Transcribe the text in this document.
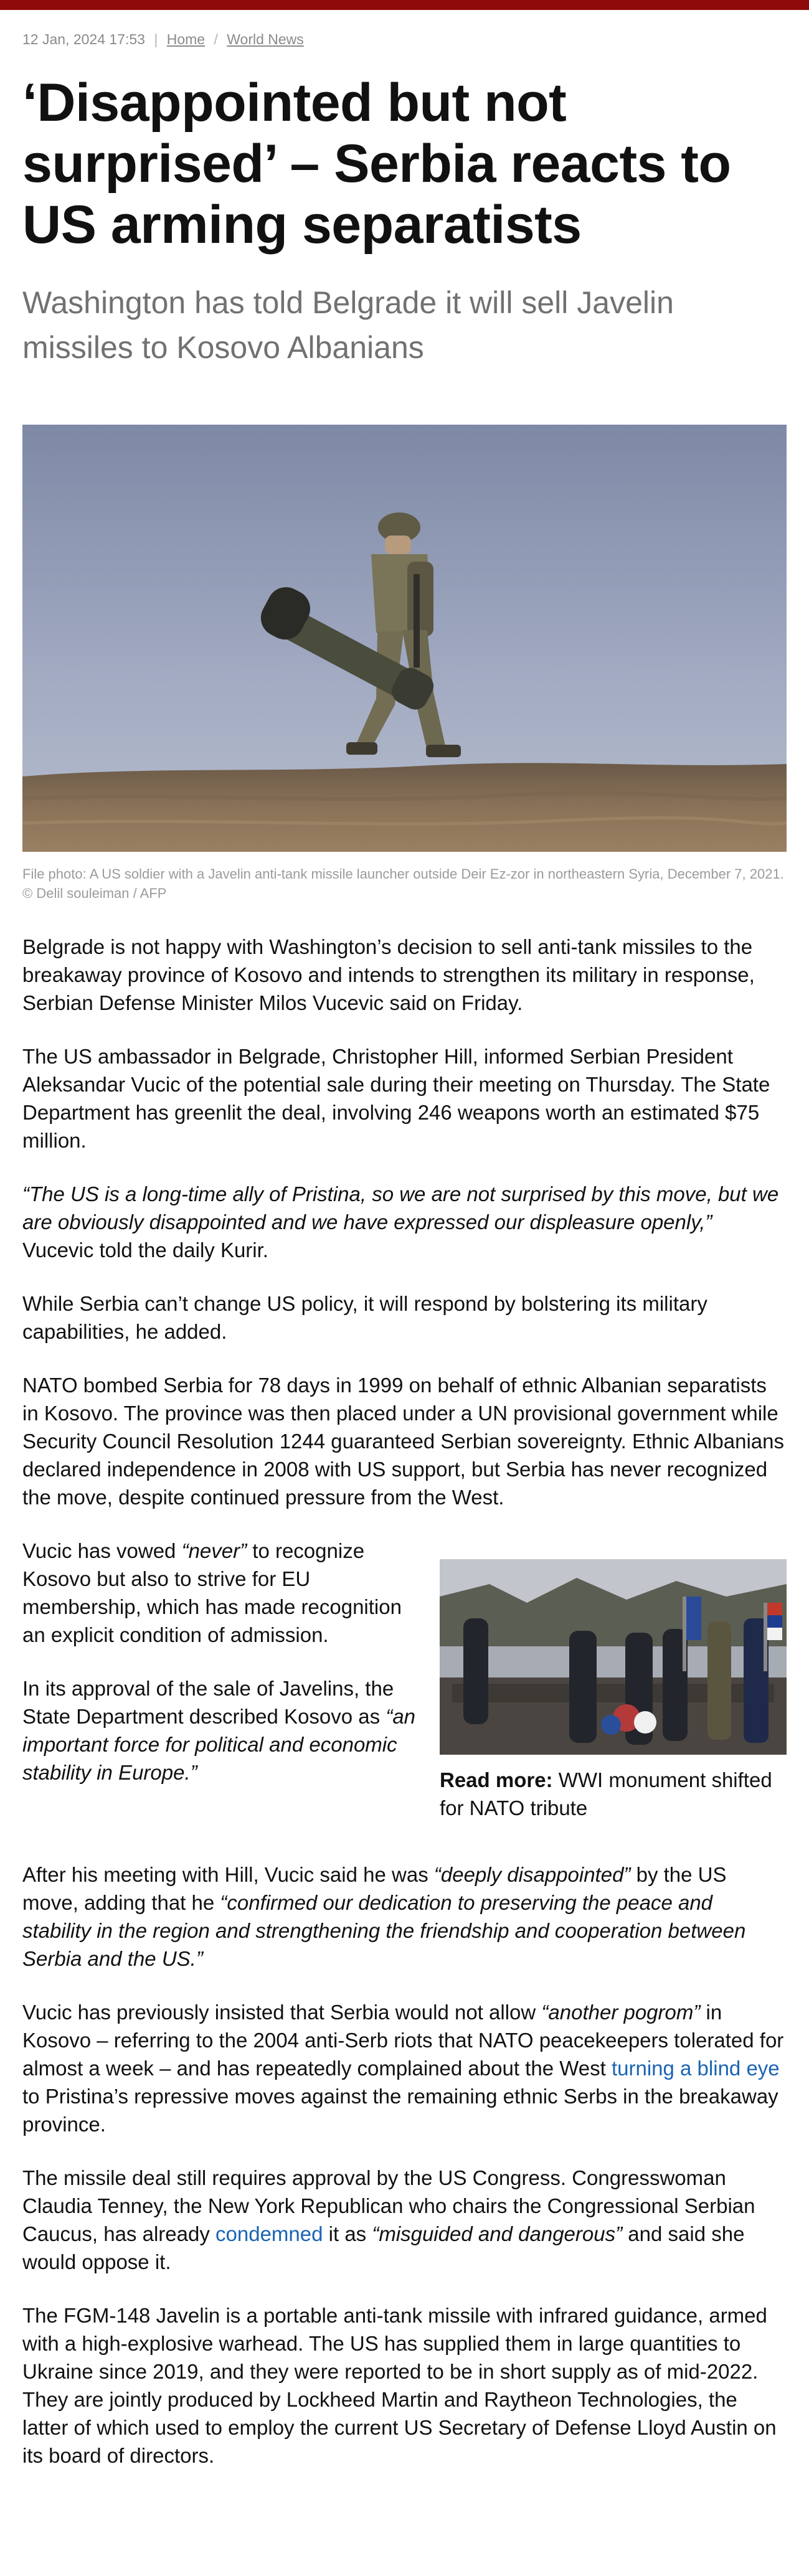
12 Jan, 2024 17:53 | Home / World News
‘Disappointed but not surprised’ – Serbia reacts to US arming separatists
Washington has told Belgrade it will sell Javelin missiles to Kosovo Albanians
File photo: A US soldier with a Javelin anti-tank missile launcher outside Deir Ez-zor in northeastern Syria, December 7, 2021. © Delil souleiman / AFP

Belgrade is not happy with Washington’s decision to sell anti-tank missiles to the breakaway province of Kosovo and intends to strengthen its military in response, Serbian Defense Minister Milos Vucevic said on Friday.

The US ambassador in Belgrade, Christopher Hill, informed Serbian President Aleksandar Vucic of the potential sale during their meeting on Thursday. The State Department has greenlit the deal, involving 246 weapons worth an estimated $75 million.

“The US is a long-time ally of Pristina, so we are not surprised by this move, but we are obviously disappointed and we have expressed our displeasure openly,” Vucevic told the daily Kurir.

While Serbia can’t change US policy, it will respond by bolstering its military capabilities, he added.

NATO bombed Serbia for 78 days in 1999 on behalf of ethnic Albanian separatists in Kosovo. The province was then placed under a UN provisional government while Security Council Resolution 1244 guaranteed Serbian sovereignty. Ethnic Albanians declared independence in 2008 with US support, but Serbia has never recognized the move, despite continued pressure from the West.

Vucic has vowed “never” to recognize Kosovo but also to strive for EU membership, which has made recognition an explicit condition of admission.

In its approval of the sale of Javelins, the State Department described Kosovo as “an important force for political and economic stability in Europe.”	Read more: WWI monument shifted for NATO tribute

After his meeting with Hill, Vucic said he was “deeply disappointed” by the US move, adding that he “confirmed our dedication to preserving the peace and stability in the region and strengthening the friendship and cooperation between Serbia and the US.”

Vucic has previously insisted that Serbia would not allow “another pogrom” in Kosovo – referring to the 2004 anti-Serb riots that NATO peacekeepers tolerated for almost a week – and has repeatedly complained about the West turning a blind eye to Pristina’s repressive moves against the remaining ethnic Serbs in the breakaway province.

The missile deal still requires approval by the US Congress. Congresswoman Claudia Tenney, the New York Republican who chairs the Congressional Serbian Caucus, has already condemned it as “misguided and dangerous” and said she would oppose it.

The FGM-148 Javelin is a portable anti-tank missile with infrared guidance, armed with a high-explosive warhead. The US has supplied them in large quantities to Ukraine since 2019, and they were reported to be in short supply as of mid-2022. They are jointly produced by Lockheed Martin and Raytheon Technologies, the latter of which used to employ the current US Secretary of Defense Lloyd Austin on its board of directors.
